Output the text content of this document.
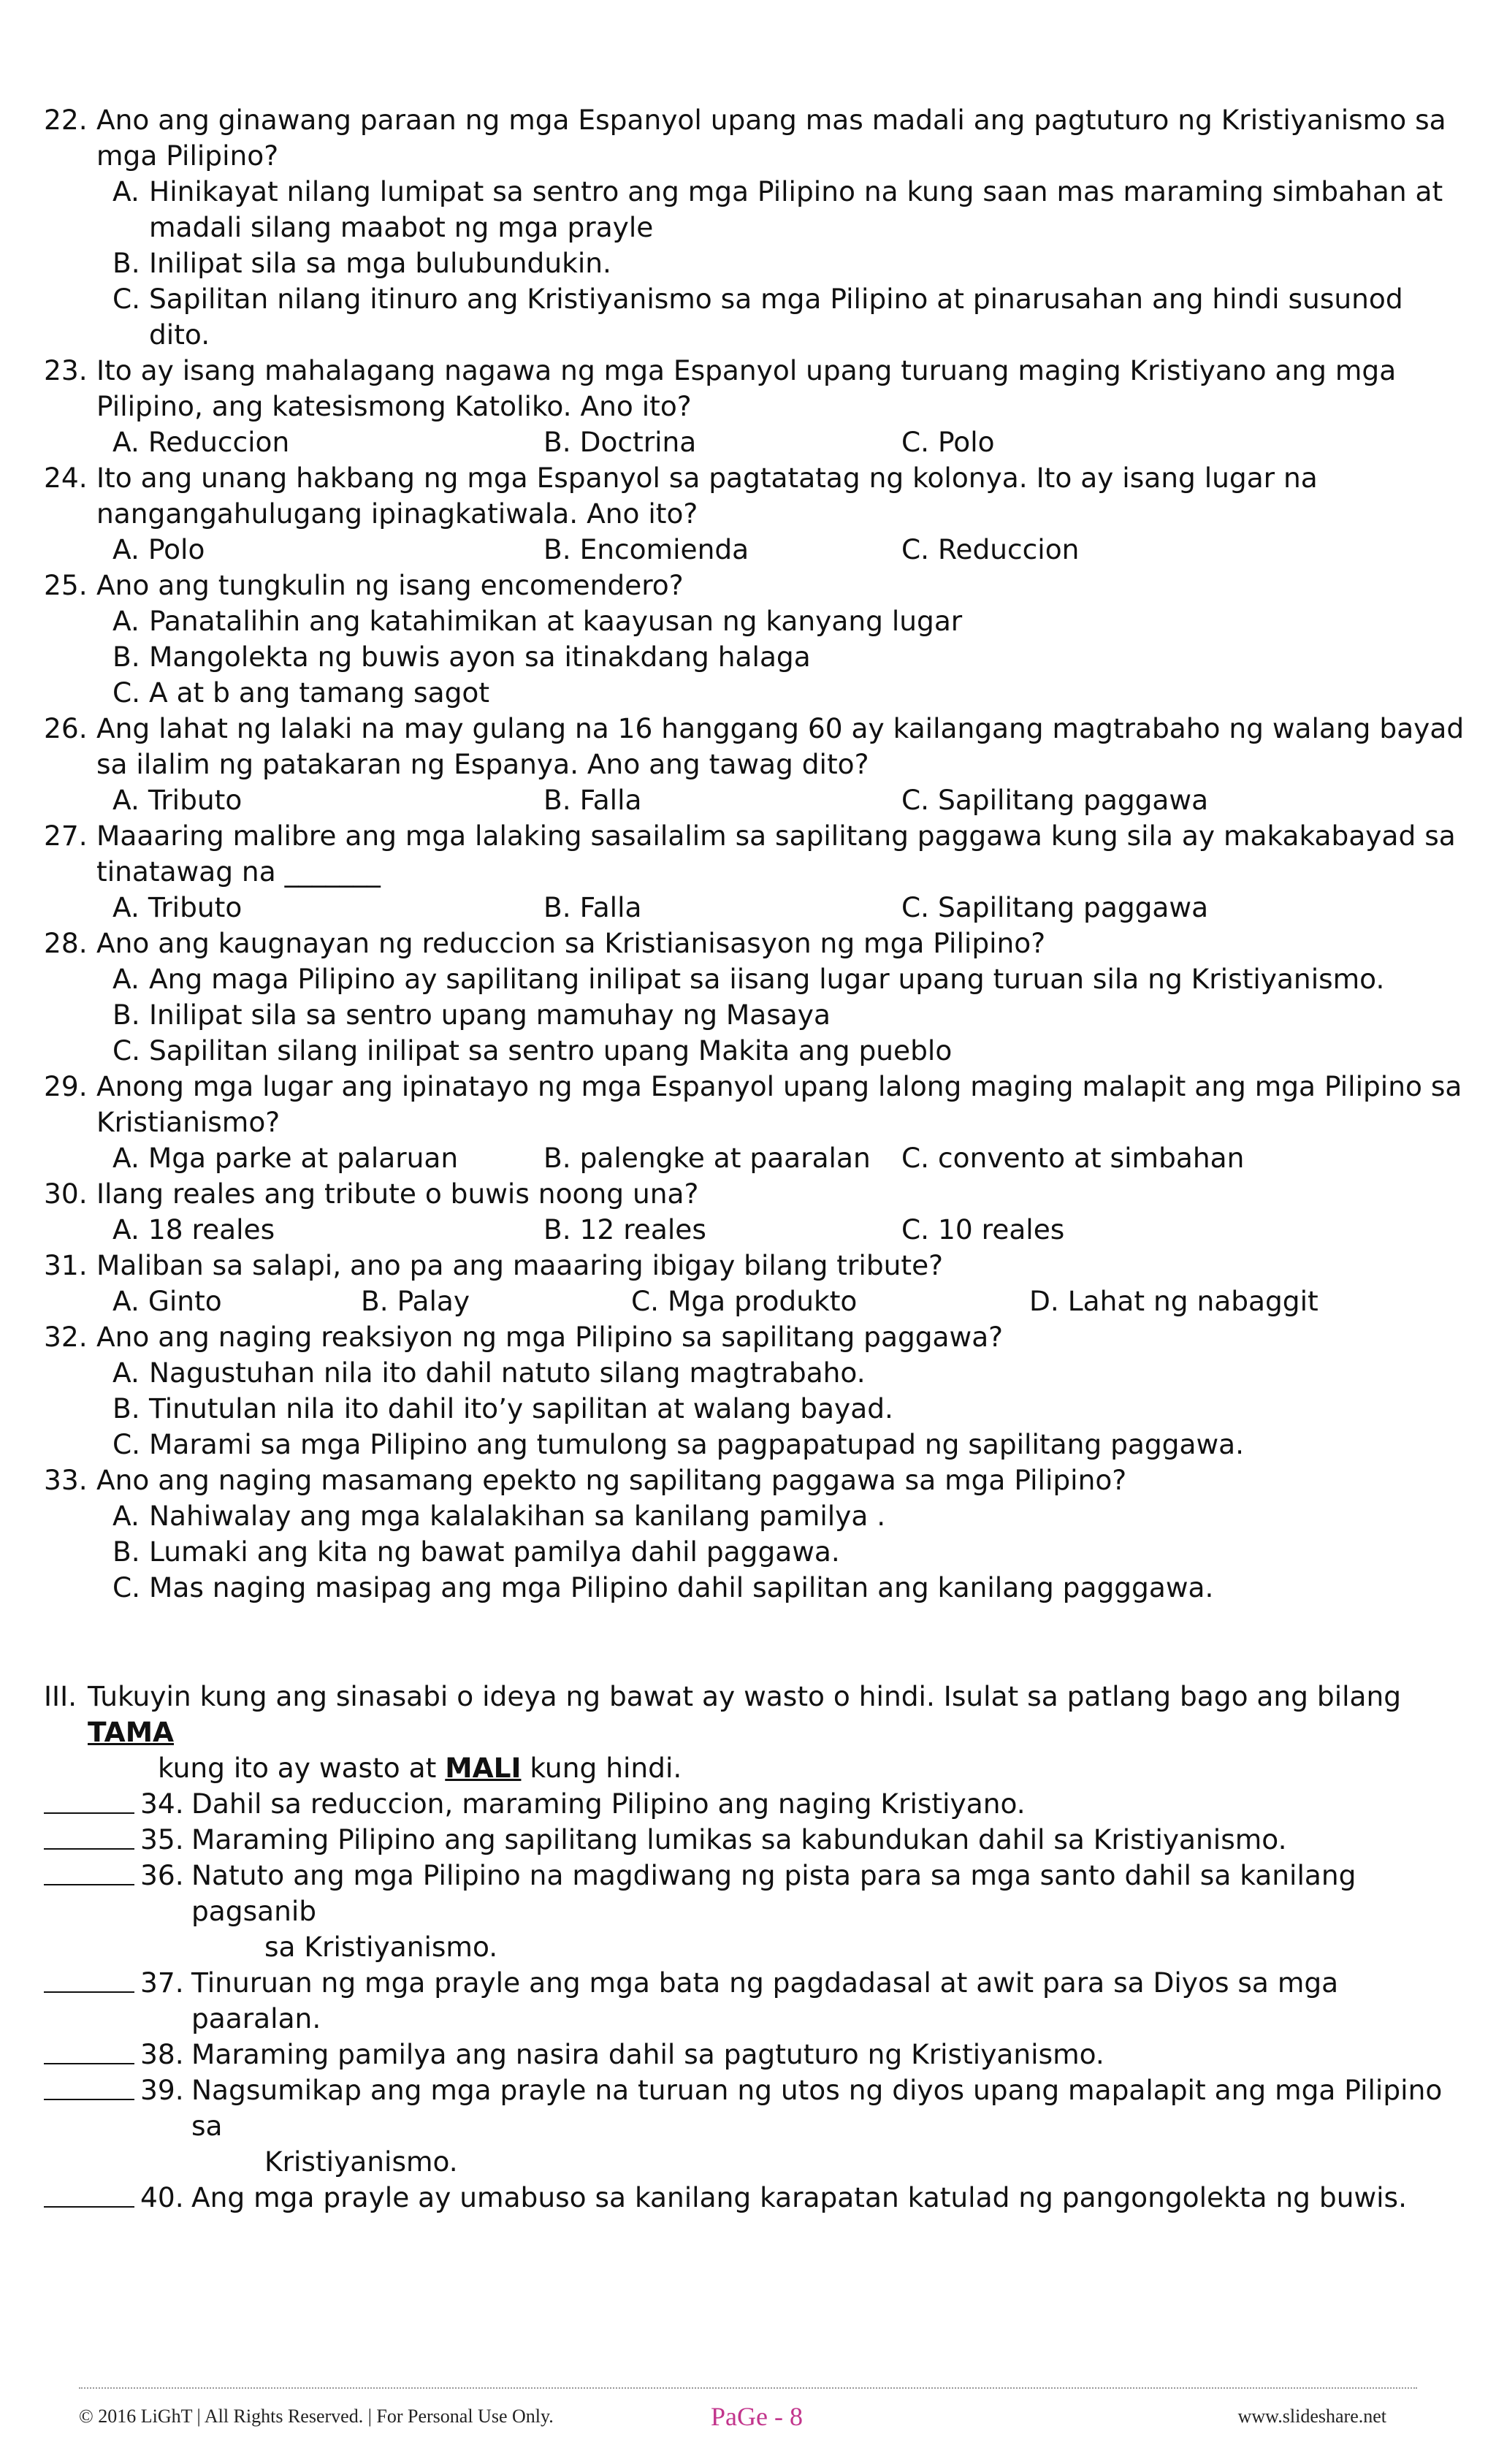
22. Ano ang ginawang paraan ng mga Espanyol upang mas madali ang pagtuturo ng Kristiyanismo sa mga Pilipino?
A. Hinikayat nilang lumipat sa sentro ang mga Pilipino na kung saan mas maraming simbahan at madali silang maabot ng mga prayle
B. Inilipat sila sa mga bulubundukin.
C. Sapilitan nilang itinuro ang Kristiyanismo sa mga Pilipino at pinarusahan ang hindi susunod dito.
23. Ito ay isang mahalagang nagawa ng mga Espanyol upang turuang maging Kristiyano ang mga Pilipino, ang katesismong Katoliko. Ano ito?
A. Reduccion	B. Doctrina	C. Polo
24. Ito ang unang hakbang ng mga Espanyol sa pagtatatag ng kolonya. Ito ay isang lugar na nangangahulugang ipinagkatiwala. Ano ito?
A. Polo	B. Encomienda	C. Reduccion
25. Ano ang tungkulin ng isang encomendero?
A. Panatalihin ang katahimikan at kaayusan ng kanyang lugar
B. Mangolekta ng buwis ayon sa itinakdang halaga
C. A at b ang tamang sagot
26. Ang lahat ng lalaki na may gulang na 16 hanggang 60 ay kailangang magtrabaho ng walang bayad sa ilalim ng patakaran ng Espanya. Ano ang tawag dito?
A. Tributo	B. Falla	C. Sapilitang paggawa
27. Maaaring malibre ang mga lalaking sasailalim sa sapilitang paggawa kung sila ay makakabayad sa tinatawag na _______
A. Tributo	B. Falla	C. Sapilitang paggawa
28. Ano ang kaugnayan ng reduccion sa Kristianisasyon ng mga Pilipino?
A. Ang maga Pilipino ay sapilitang inilipat sa iisang lugar upang turuan sila ng Kristiyanismo.
B. Inilipat sila sa sentro upang mamuhay ng Masaya
C. Sapilitan silang inilipat sa sentro upang Makita ang pueblo
29. Anong mga lugar ang ipinatayo ng mga Espanyol upang lalong maging malapit ang mga Pilipino sa Kristianismo?
A. Mga parke at palaruan	B. palengke at paaralan	C. convento at simbahan
30. Ilang reales ang tribute o buwis noong una?
A. 18 reales	B. 12 reales	C. 10 reales
31. Maliban sa salapi, ano pa ang maaaring ibigay bilang tribute?
A. Ginto	B. Palay	C. Mga produkto	D. Lahat ng nabaggit
32. Ano ang naging reaksiyon ng mga Pilipino sa sapilitang paggawa?
A. Nagustuhan nila ito dahil natuto silang magtrabaho.
B. Tinutulan nila ito dahil ito’y sapilitan at walang bayad.
C. Marami sa mga Pilipino ang tumulong sa pagpapatupad ng sapilitang paggawa.
33. Ano ang naging masamang epekto ng sapilitang paggawa sa mga Pilipino?
A. Nahiwalay ang mga kalalakihan sa kanilang pamilya .
B. Lumaki ang kita ng bawat pamilya dahil paggawa.
C. Mas naging masipag ang mga Pilipino dahil sapilitan ang kanilang pagggawa.
III. Tukuyin kung ang sinasabi o ideya ng bawat ay wasto o hindi. Isulat sa patlang bago ang bilang TAMA
kung ito ay wasto at MALI kung hindi.
34. Dahil sa reduccion, maraming Pilipino ang naging Kristiyano.
35. Maraming Pilipino ang sapilitang lumikas sa kabundukan dahil sa Kristiyanismo.
36. Natuto ang mga Pilipino na magdiwang ng pista para sa mga santo dahil sa kanilang pagsanib
sa Kristiyanismo.
37. Tinuruan ng mga prayle ang mga bata ng pagdadasal at awit para sa Diyos sa mga paaralan.
38. Maraming pamilya ang nasira dahil sa pagtuturo ng Kristiyanismo.
39. Nagsumikap ang mga prayle na turuan ng utos ng diyos upang mapalapit ang mga Pilipino sa
Kristiyanismo.
40. Ang mga prayle ay umabuso sa kanilang karapatan katulad ng pangongolekta ng buwis.
© 2016 LiGhT | All Rights Reserved. | For Personal Use Only.	PaGe - 8	www.slideshare.net
